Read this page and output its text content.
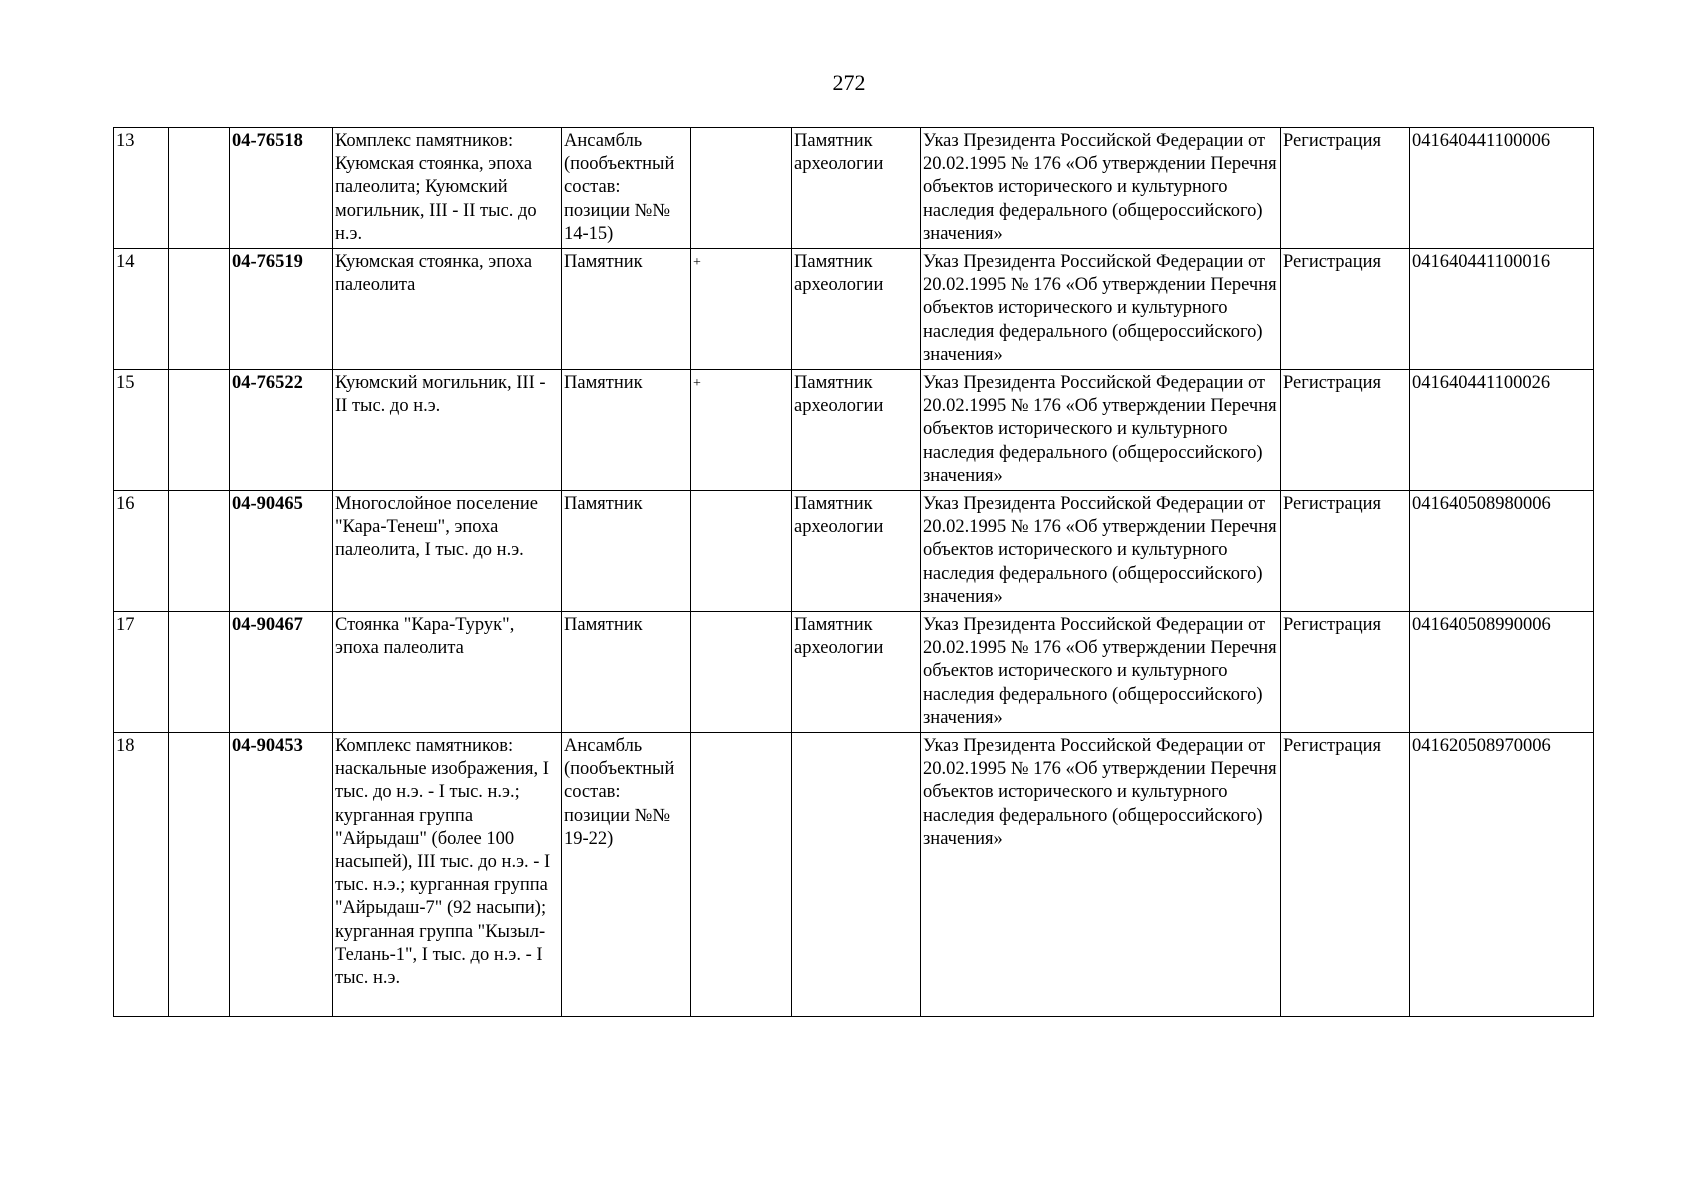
272
13		04-76518	Комплекс памятников: Куюмская стоянка, эпоха палеолита; Куюмский могильник, III - II тыс. до н.э.	Ансамбль (пообъектный состав: позиции №№ 14-15)		Памятник археологии	Указ Президента Российской Федерации от 20.02.1995 № 176 «Об утверждении Перечня объектов исторического и культурного наследия федерального (общероссийского) значения»	Регистрация	041640441100006
14		04-76519	Куюмская стоянка, эпоха палеолита	Памятник	+	Памятник археологии	Указ Президента Российской Федерации от 20.02.1995 № 176 «Об утверждении Перечня объектов исторического и культурного наследия федерального (общероссийского) значения»	Регистрация	041640441100016
15		04-76522	Куюмский могильник, III - II тыс. до н.э.	Памятник	+	Памятник археологии	Указ Президента Российской Федерации от 20.02.1995 № 176 «Об утверждении Перечня объектов исторического и культурного наследия федерального (общероссийского) значения»	Регистрация	041640441100026
16		04-90465	Многослойное поселение "Кара-Тенеш", эпоха палеолита, I тыс. до н.э.	Памятник		Памятник археологии	Указ Президента Российской Федерации от 20.02.1995 № 176 «Об утверждении Перечня объектов исторического и культурного наследия федерального (общероссийского) значения»	Регистрация	041640508980006
17		04-90467	Стоянка "Кара-Турук", эпоха палеолита	Памятник		Памятник археологии	Указ Президента Российской Федерации от 20.02.1995 № 176 «Об утверждении Перечня объектов исторического и культурного наследия федерального (общероссийского) значения»	Регистрация	041640508990006
18		04-90453	Комплекс памятников: наскальные изображения, I тыс. до н.э. - I тыс. н.э.; курганная группа "Айрыдаш" (более 100 насыпей), III тыс. до н.э. - I тыс. н.э.; курганная группа "Айрыдаш-7" (92 насыпи); курганная группа "Кызыл-Телань-1", I тыс. до н.э. - I тыс. н.э.	Ансамбль (пообъектный состав: позиции №№ 19-22)			Указ Президента Российской Федерации от 20.02.1995 № 176 «Об утверждении Перечня объектов исторического и культурного наследия федерального (общероссийского) значения»	Регистрация	041620508970006
